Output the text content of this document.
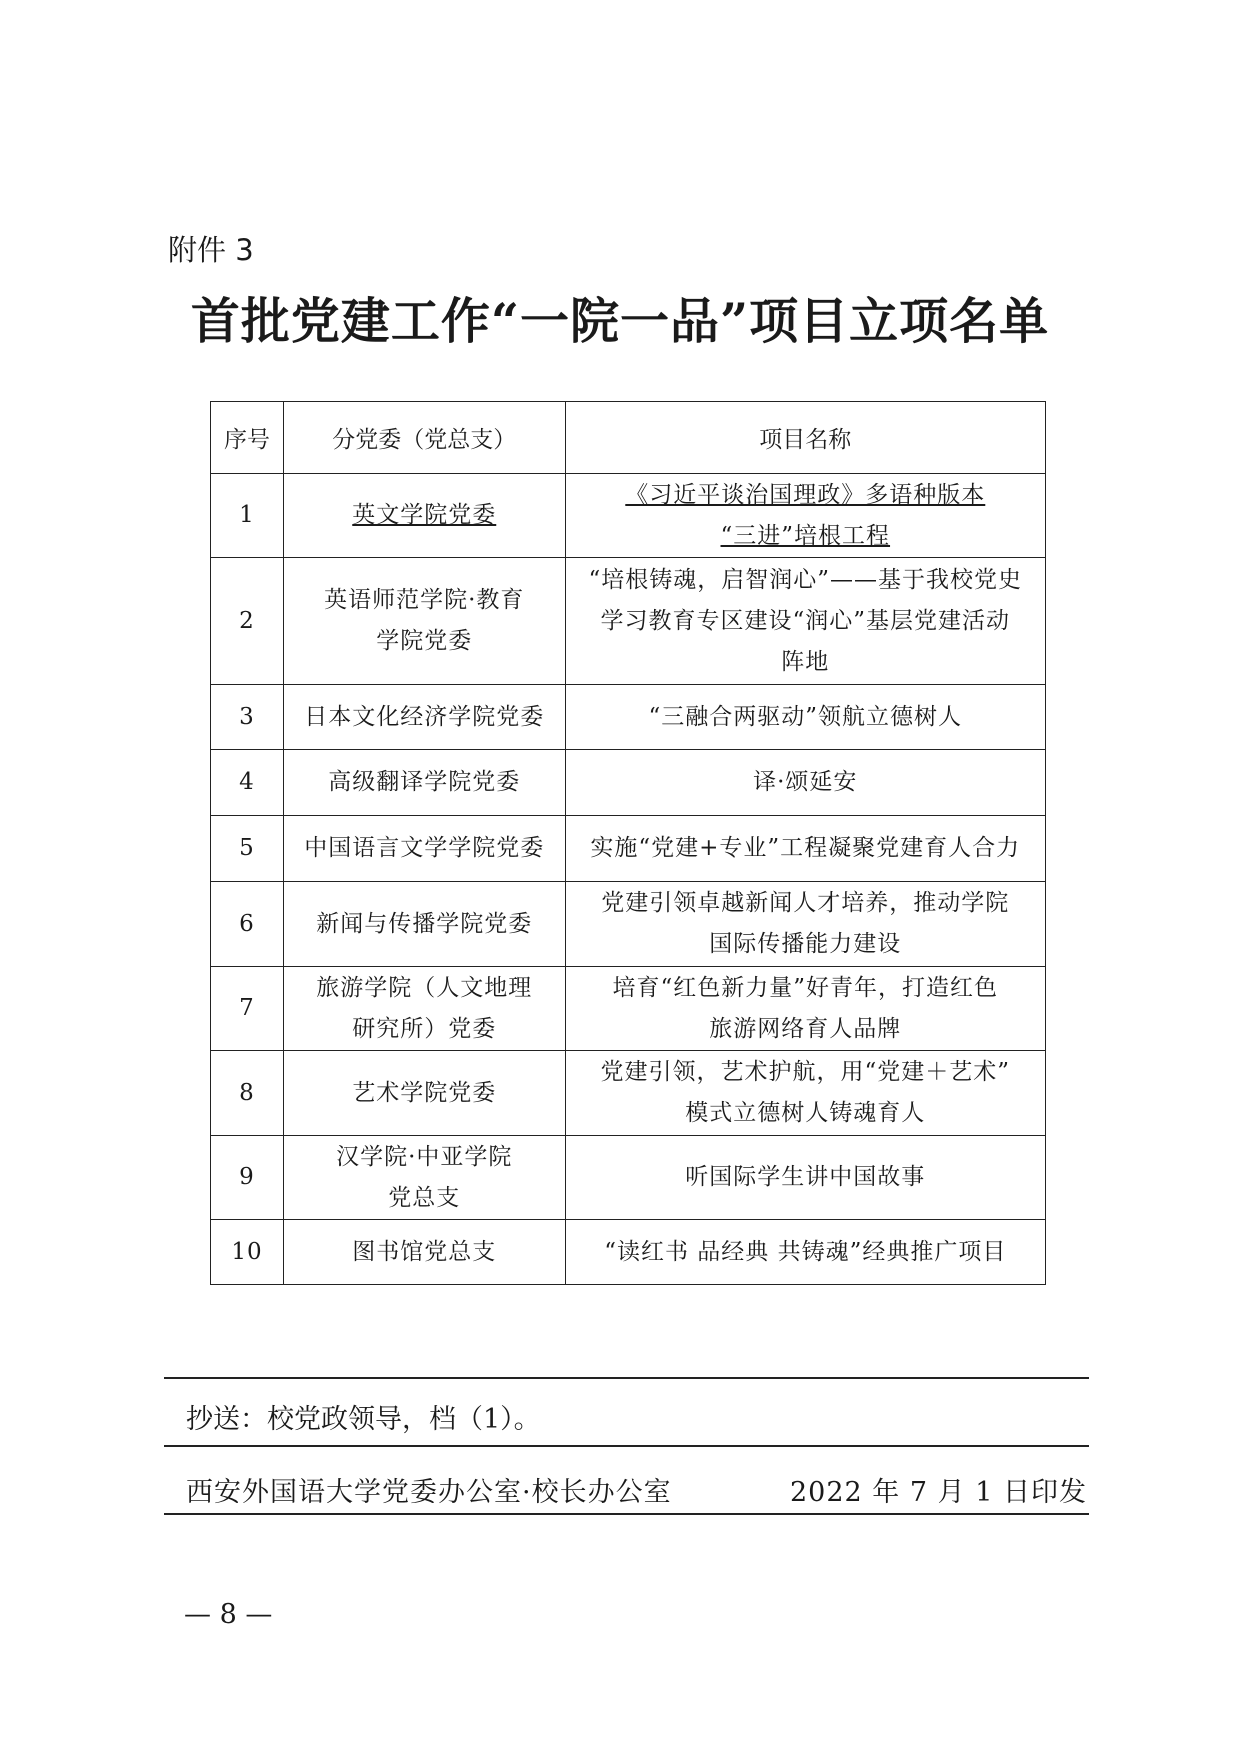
附件 3
首批党建工作“一院一品”项目立项名单
序号	分党委（党总支）	项目名称
1	英文学院党委	《习近平谈治国理政》多语种版本
“三进”培根工程
2	英语师范学院·教育
学院党委	“培根铸魂，启智润心”——基于我校党史
学习教育专区建设“润心”基层党建活动
阵地
3	日本文化经济学院党委	“三融合两驱动”领航立德树人
4	高级翻译学院党委	译·颂延安
5	中国语言文学学院党委	实施“党建+专业”工程凝聚党建育人合力
6	新闻与传播学院党委	党建引领卓越新闻人才培养，推动学院
国际传播能力建设
7	旅游学院（人文地理
研究所）党委	培育“红色新力量”好青年，打造红色
旅游网络育人品牌
8	艺术学院党委	党建引领，艺术护航，用“党建＋艺术”
模式立德树人铸魂育人
9	汉学院·中亚学院
党总支	听国际学生讲中国故事
10	图书馆党总支	“读红书 品经典 共铸魂”经典推广项目
抄送：校党政领导，档（1）。
西安外国语大学党委办公室·校长办公室	2022 年 7 月 1 日印发
— 8 —
